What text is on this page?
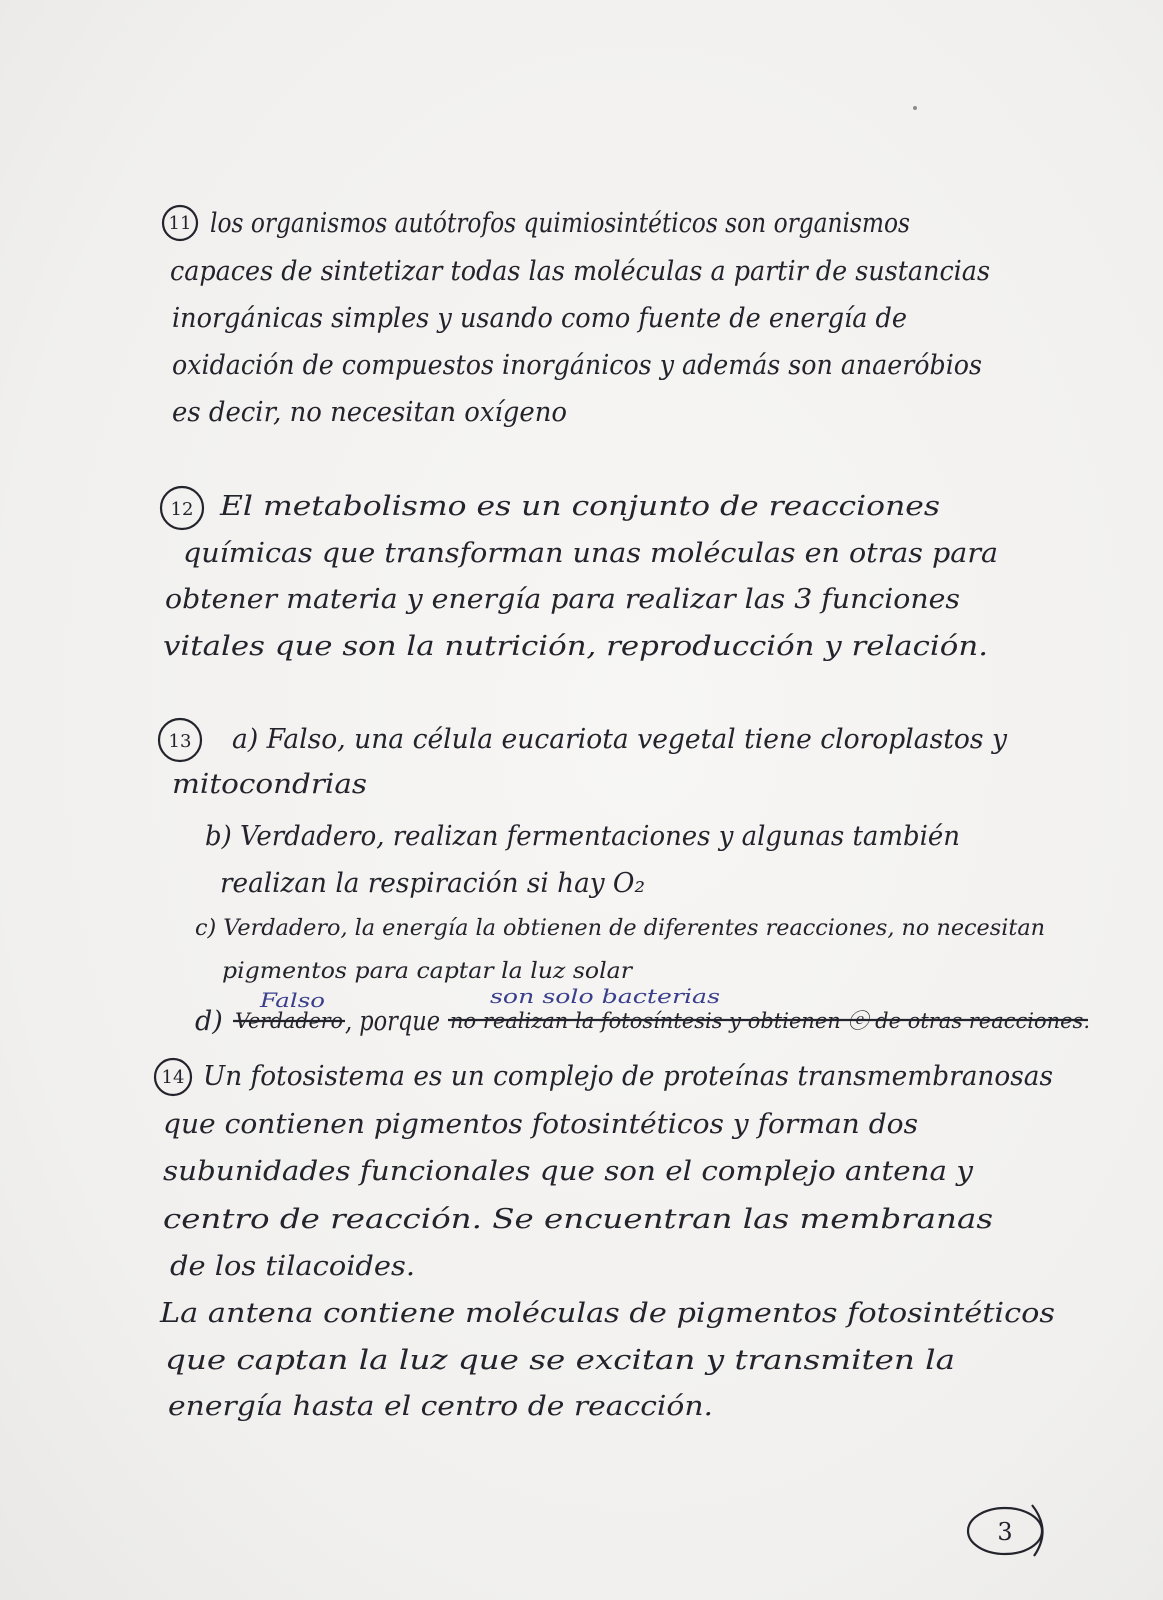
11 los organismos autótrofos quimiosintéticos son organismos
capaces de sintetizar todas las moléculas a partir de sustancias
inorgánicas simples y usando como fuente de energía de
oxidación de compuestos inorgánicos y además son anaeróbios
es decir, no necesitan oxígeno
12 El metabolismo es un conjunto de reacciones
químicas que transforman unas moléculas en otras para
obtener materia y energía para realizar las 3 funciones
vitales que son la nutrición, reproducción y relación.
13 a) Falso, una célula eucariota vegetal tiene cloroplastos y
mitocondrias
b) Verdadero, realizan fermentaciones y algunas también
realizan la respiración si hay O₂
c) Verdadero, la energía la obtienen de diferentes reacciones, no necesitan
pigmentos para captar la luz solar
Falso	son solo bacterias
d) Verdadero , porque no realizan la fotosíntesis y obtienen ⓔ de otras reacciones.
14 Un fotosistema es un complejo de proteínas transmembranosas
que contienen pigmentos fotosintéticos y forman dos
subunidades funcionales que son el complejo antena y
centro de reacción. Se encuentran las membranas
de los tilacoides.
La antena contiene moléculas de pigmentos fotosintéticos
que captan la luz que se excitan y transmiten la
energía hasta el centro de reacción.
3
